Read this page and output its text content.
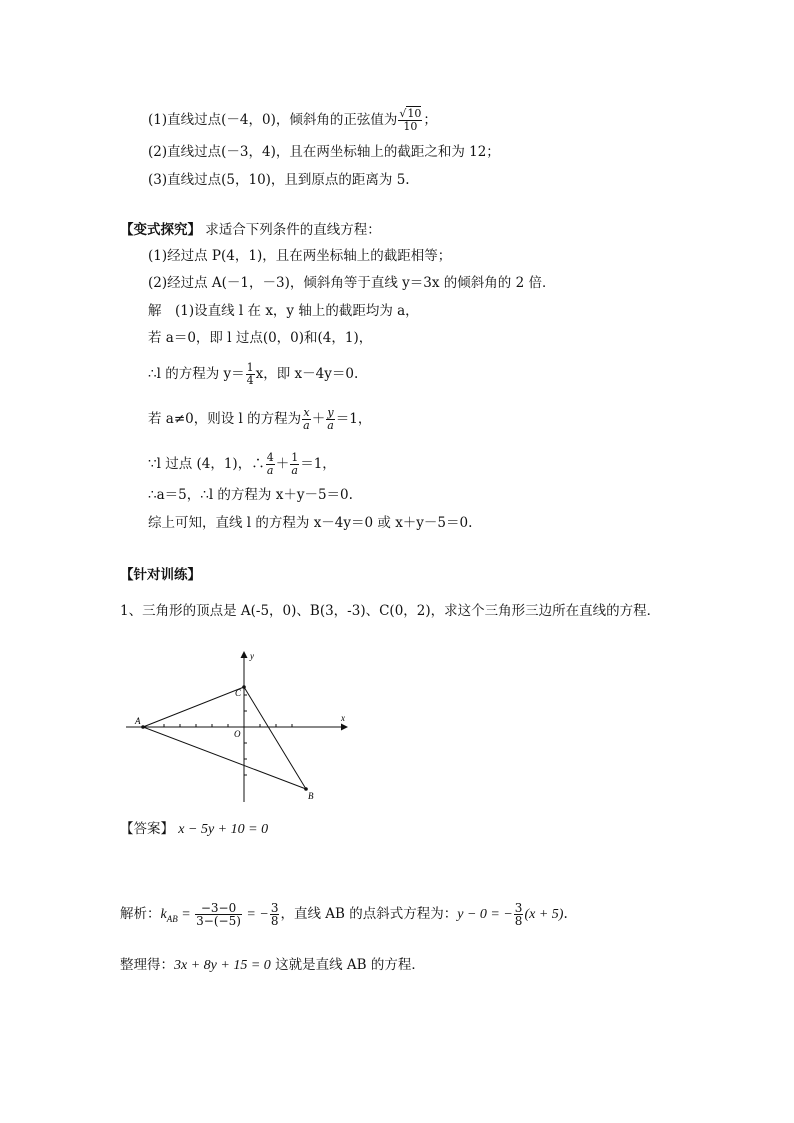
(1)直线过点(－4，0)，倾斜角的正弦值为 $\frac{√10}{10}$ ；
(2)直线过点(－3，4)，且在两坐标轴上的截距之和为 12；
(3)直线过点(5，10)，且到原点的距离为 5.
【变式探究】 求适合下列条件的直线方程：
(1)经过点 P(4，1)，且在两坐标轴上的截距相等；
(2)经过点 A(－1，－3)，倾斜角等于直线 y＝3x 的倾斜角的 2 倍．
解　(1)设直线 l 在 x，y 轴上的截距均为 a，
若 a＝0，即 l 过点(0，0)和(4，1)，
∴l 的方程为 $y= \frac{1}{4}$ x，即 x－4y＝0.
若 a≠0，则设 l 的方程为 $\frac{x}{a} + \frac{y}{a} =1$，
∵l 过点 (4，1)，∴ $\frac{4}{a} + \frac{1}{a} =1$，
∴a＝5，∴l 的方程为 x＋y－5＝0.
综上可知，直线 l 的方程为 x－4y＝0 或 x＋y－5＝0.
【针对训练】
1、三角形的顶点是 A(-5，0)、B(3，-3)、C(0，2)，求这个三角形三边所在直线的方程．
y
x
O
A
C
B
【答案】 x − 5y + 10 = 0
解析：$k_{AB} = \frac{-3-0}{3-(-5)}$ = − $\frac{3}{8}$ ，直线 AB 的点斜式方程为：y − 0 = − $\frac{3}{8} (x + 5)$.
整理得：3x + 8y + 15 = 0 这就是直线 AB 的方程．
